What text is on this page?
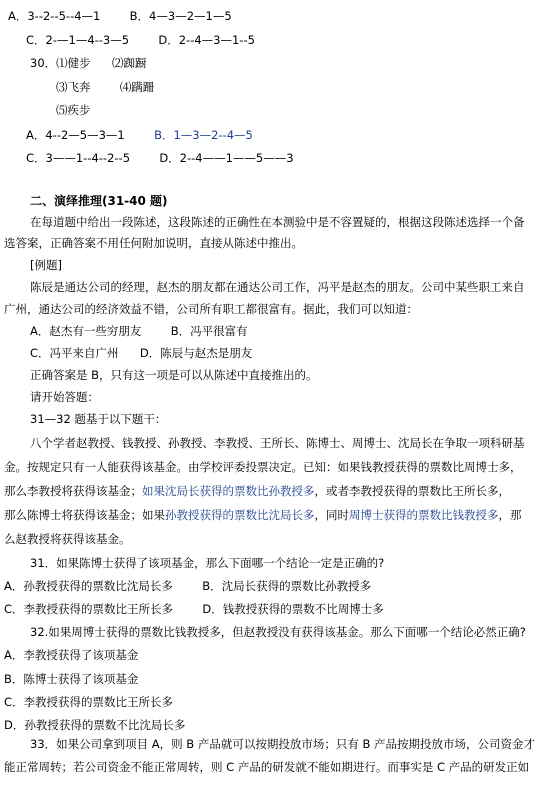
A．3--2--5--4—1	B．4—3—2—1—5
C．2-—1—4--3—5	D．2--4—3—1--5
30．⑴健步 ⑵踟蹰
⑶飞奔	⑷蹒跚
⑸疾步
A．4--2—5—3—1	B．1—3—2--4—5
C．3——1--4--2--5	D．2--4——1——5——3
二、演绎推理(31-40 题)
在每道题中给出一段陈述，这段陈述的正确性在本测验中是不容置疑的，根据这段陈述选择一个备
选答案，正确答案不用任何附加说明，直接从陈述中推出。
[例题]
陈辰是通达公司的经理，赵杰的朋友都在通达公司工作，冯平是赵杰的朋友。公司中某些职工来自
广州，通达公司的经济效益不错，公司所有职工都很富有。据此，我们可以知道：
A．赵杰有一些穷朋友	B．冯平很富有
C．冯平来自广州 D．陈辰与赵杰是朋友
正确答案是 B，只有这一项是可以从陈述中直接推出的。
请开始答题：
31—32 题基于以下题干：
八个学者赵教授、钱教授、孙教授、李教授、王所长、陈博士、周博士、沈局长在争取一项科研基
金。按规定只有一人能获得该基金。由学校评委投票决定。已知：如果钱教授获得的票数比周博士多，
那么李教授将获得该基金；如果沈局长获得的票数比孙教授多，或者李教授获得的票数比王所长多，
那么陈博士将获得该基金；如果孙教授获得的票数比沈局长多，同时周博士获得的票数比钱教授多，那
么赵教授将获得该基金。
31．如果陈博士获得了该项基金，那么下面哪一个结论一定是正确的?
A．孙教授获得的票数比沈局长多	B．沈局长获得的票数比孙教授多
C．李教授获得的票数比王所长多	D．钱教授获得的票数不比周博士多
32.如果周博士获得的票数比钱教授多，但赵教授没有获得该基金。那么下面哪一个结论必然正确?
A．李教授获得了该项基金
B．陈博士获得了该项基金
C．李教授获得的票数比王所长多
D．孙教授获得的票数不比沈局长多
33．如果公司拿到项目 A，则 B 产品就可以按期投放市场；只有 B 产品按期投放市场，公司资金才
能正常周转；若公司资金不能正常周转，则 C 产品的研发就不能如期进行。而事实是 C 产品的研发正如
